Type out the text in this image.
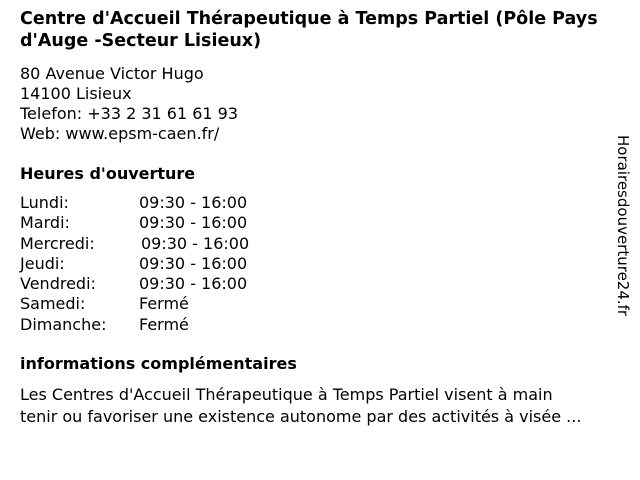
Centre d'Accueil Thérapeutique à Temps Partiel (Pôle Pays d'Auge -Secteur Lisieux)
80 Avenue Victor Hugo
14100 Lisieux
Telefon: +33 2 31 61 61 93
Web: www.epsm-caen.fr/
Heures d'ouverture
Lundi:	09:30 - 16:00
Mardi:	09:30 - 16:00
Mercredi:	09:30 - 16:00
Jeudi:	09:30 - 16:00
Vendredi:	09:30 - 16:00
Samedi:	Fermé
Dimanche: Fermé
informations complémentaires
Les Centres d'Accueil Thérapeutique à Temps Partiel visent à main
tenir ou favoriser une existence autonome par des activités à visée ...
Horairesdouverture24.fr
